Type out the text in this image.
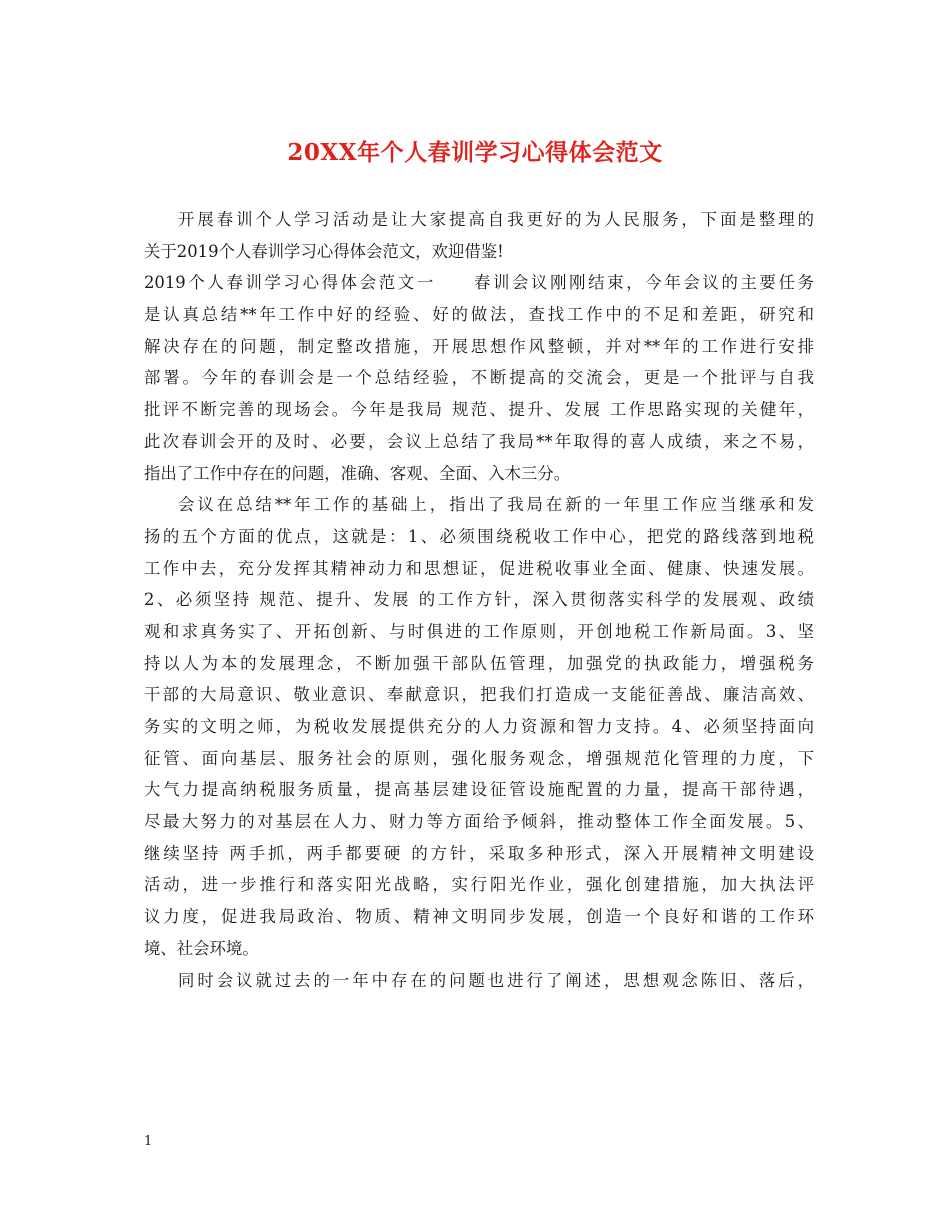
20XX年个人春训学习心得体会范文
开展春训个人学习活动是让大家提高自我更好的为人民服务，下面是整理的
关于2019个人春训学习心得体会范文，欢迎借鉴!
2019个人春训学习心得体会范文一　　春训会议刚刚结束，今年会议的主要任务
是认真总结**年工作中好的经验、好的做法，查找工作中的不足和差距，研究和
解决存在的问题，制定整改措施，开展思想作风整顿，并对**年的工作进行安排
部署。今年的春训会是一个总结经验，不断提高的交流会，更是一个批评与自我
批评不断完善的现场会。今年是我局 规范、提升、发展 工作思路实现的关健年，
此次春训会开的及时、必要，会议上总结了我局**年取得的喜人成绩，来之不易，
指出了工作中存在的问题，准确、客观、全面、入木三分。
会议在总结**年工作的基础上，指出了我局在新的一年里工作应当继承和发
扬的五个方面的优点，这就是：1、必须围绕税收工作中心，把党的路线落到地税
工作中去，充分发挥其精神动力和思想证，促进税收事业全面、健康、快速发展。
2、必须坚持 规范、提升、发展 的工作方针，深入贯彻落实科学的发展观、政绩
观和求真务实了、开拓创新、与时俱进的工作原则，开创地税工作新局面。3、坚
持以人为本的发展理念，不断加强干部队伍管理，加强党的执政能力，增强税务
干部的大局意识、敬业意识、奉献意识，把我们打造成一支能征善战、廉洁高效、
务实的文明之师，为税收发展提供充分的人力资源和智力支持。4、必须坚持面向
征管、面向基层、服务社会的原则，强化服务观念，增强规范化管理的力度，下
大气力提高纳税服务质量，提高基层建设征管设施配置的力量，提高干部待遇，
尽最大努力的对基层在人力、财力等方面给予倾斜，推动整体工作全面发展。5、
继续坚持 两手抓，两手都要硬 的方针，采取多种形式，深入开展精神文明建设
活动，进一步推行和落实阳光战略，实行阳光作业，强化创建措施，加大执法评
议力度，促进我局政治、物质、精神文明同步发展，创造一个良好和谐的工作环
境、社会环境。
同时会议就过去的一年中存在的问题也进行了阐述，思想观念陈旧、落后，
1
